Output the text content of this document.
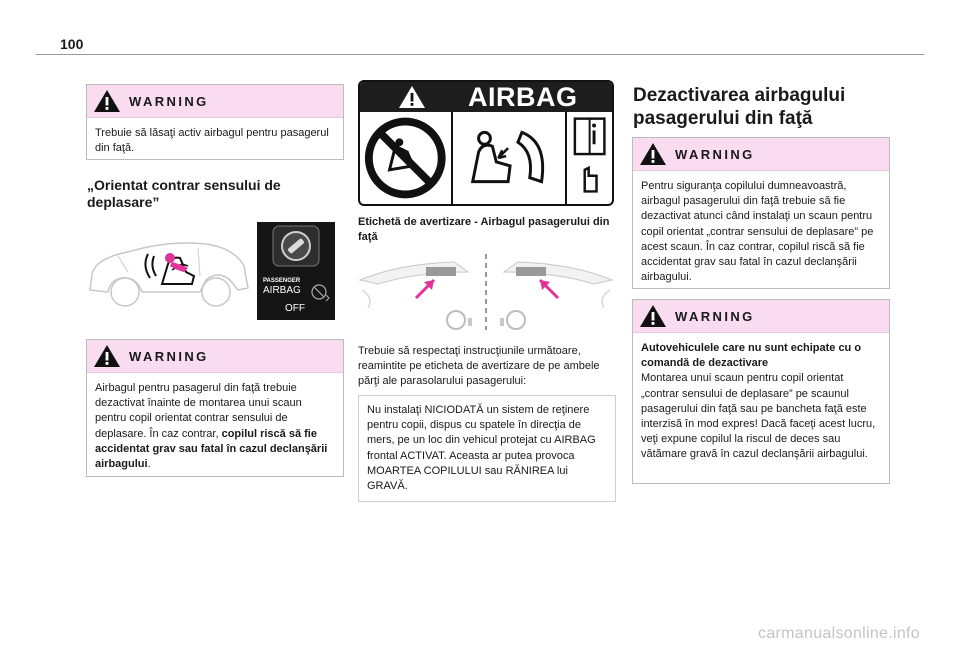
100
WARNING
Trebuie să lăsaţi activ airbagul pentru pasagerul din faţă.
„Orientat contrar sensului de deplasare”
PASSENGER
AIRBAG
OFF
WARNING
Airbagul pentru pasagerul din faţă trebuie dezactivat înainte de montarea unui scaun pentru copil orientat contrar sensului de deplasare. În caz contrar, copilul riscă să fie accidentat grav sau fatal în cazul declanşării airbagului.
AIRBAG
Etichetă de avertizare - Airbagul pasagerului din faţă
Trebuie să respectaţi instrucţiunile următoare, reamintite pe eticheta de avertizare de pe ambele părţi ale parasolarului pasagerului:
Nu instalaţi NICIODATĂ un sistem de reţinere pentru copii, dispus cu spatele în direcţia de mers, pe un loc din vehicul protejat cu AIRBAG frontal ACTIVAT. Aceasta ar putea provoca MOARTEA COPILULUI sau RĂNIREA lui GRAVĂ.
Dezactivarea airbagului pasagerului din faţă
WARNING
Pentru siguranţa copilului dumneavoastră, airbagul pasagerului din faţă trebuie să fie dezactivat atunci când instalaţi un scaun pentru copil orientat „contrar sensului de deplasare” pe acest scaun. În caz contrar, copilul riscă să fie accidentat grav sau fatal în cazul declanşării airbagului.
WARNING
Autovehiculele care nu sunt echipate cu o comandă de dezactivare
Montarea unui scaun pentru copil orientat „contrar sensului de deplasare” pe scaunul pasagerului din faţă sau pe bancheta faţă este interzisă în mod expres! Dacă faceţi acest lucru, veţi expune copilul la riscul de deces sau vătămare gravă în cazul declanşării airbagului.
carmanualsonline.info
